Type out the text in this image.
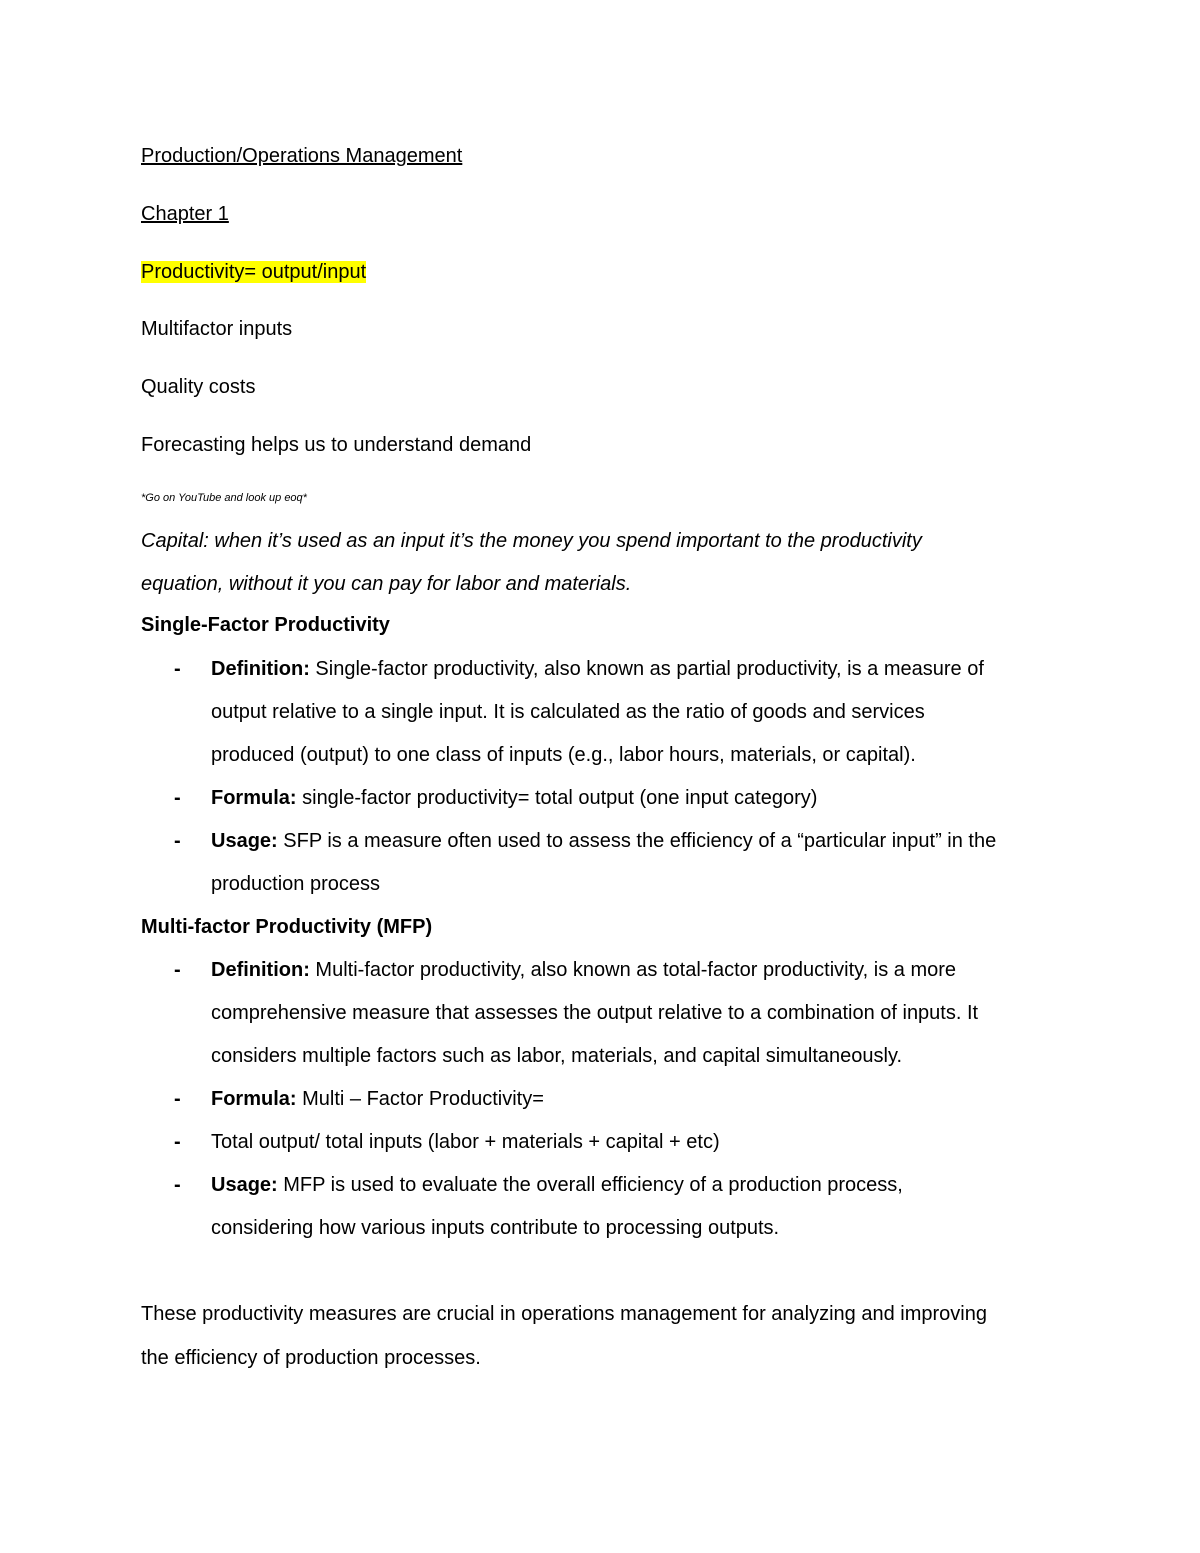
Production/Operations Management
Chapter 1
Productivity= output/input
Multifactor inputs
Quality costs
Forecasting helps us to understand demand
*Go on YouTube and look up eoq*
Capital: when it’s used as an input it’s the money you spend important to the productivity
equation, without it you can pay for labor and materials.
Single-Factor Productivity
- Definition: Single-factor productivity, also known as partial productivity, is a measure of
output relative to a single input. It is calculated as the ratio of goods and services
produced (output) to one class of inputs (e.g., labor hours, materials, or capital).
- Formula: single-factor productivity= total output (one input category)
- Usage: SFP is a measure often used to assess the efficiency of a “particular input” in the
production process
Multi-factor Productivity (MFP)
- Definition: Multi-factor productivity, also known as total-factor productivity, is a more
comprehensive measure that assesses the output relative to a combination of inputs. It
considers multiple factors such as labor, materials, and capital simultaneously.
- Formula: Multi – Factor Productivity=
- Total output/ total inputs (labor + materials + capital + etc)
- Usage: MFP is used to evaluate the overall efficiency of a production process,
considering how various inputs contribute to processing outputs.
These productivity measures are crucial in operations management for analyzing and improving
the efficiency of production processes.
